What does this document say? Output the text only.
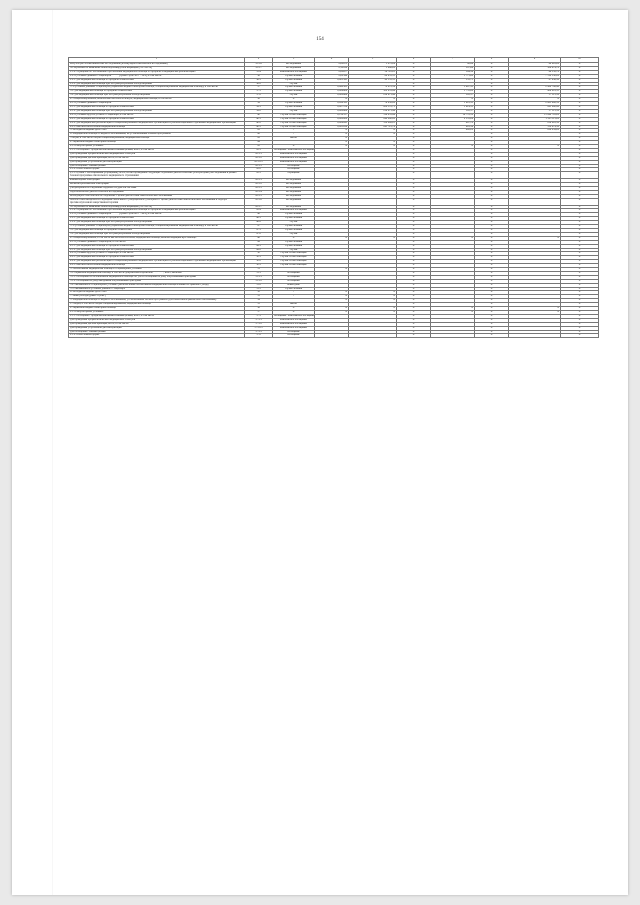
154
1	2	3	4	5	6	7	8	9	10
амбулаторно-поликлинические исследования (молекулярно-генетическое исследование)	35.3.6	исследование	0,02101	5 272,26	X	88,84	X	90 893,00	X
тестирование на выявление новой коронавирусной инфекции (COVID-19)	35.3.7	исследование	0,12836	1 466,00	X	187,64	X	104 474,70	X
2.1.4. обращение по заболеванию при оказании медицинской помощи по профилю «Медицинская реабилитация»	35.4	комплексное посещение	0,00207	56 722,03	X	144,56	X	94 132,70	X
2.2. в условиях дневных стационаров ***** (сумма строк 36.1 + 36.2), в том числе:	36	случай лечения	0,02549	60 955,15	X	1 775,62	X	7 760 330,20	X
2.2.1. для медицинской помощи по профилю «онкология»	36.1	случай лечения	0,001345	92 535,13	X	135,75	X	97 436,50	X
2.2.2. для медицинской помощи при экстракорпоральном оплодотворении	36.2	случай			X		X		X
3. В условиях дневных стационаров (первичная медико-санитарная помощь, специализированная медицинская помощь), в том числе:	37	случай лечения	0,068583	72 872,19	X	5 667,33	X	2 420 786,40	X
3.1. для медицинской помощи по профилю «онкология»	37.1	случай лечения	0,009406	102 631,96	X	1 735,28	X	989 001,35	X
3.2. для медицинской помощи при экстракорпоральном оплодотворении	37.2	случай	0,000466	219 673,46	X	102,37	X	57 115,10	X
4. Специализированная, включая высокотехнологичную, медицинская помощь, в том числе:	38	X	X	X	X	X	X	X	X
4.1. в условиях дневных стационаров	39	случай лечения	0,026541	79 832,82	X	1 991,33	X	2 861 448,10	X
4.1.1. для медицинской помощи по профилю «онкология»	39.1	случай лечения	0,007704	208 578,71	X	1 614,53	X	891 840,90	X
4.1.2. для медицинской помощи при экстракорпоральном оплодотворении	39.2	случай	0,000466	219 673,46	X	102,37	X	57 115,10	X
4.2. в условиях круглосуточного стационара, в том числе:	40	случай госпитализации	0,156337	114 855,94	X	16 776,12	X	11 840 763,00	X
4.2.1. для медицинской помощи по профилю «онкология»	40.1	случай госпитализации	0,008689	240 260,82	X	2 355,06	X	1 325 113,00	X
4.2.2. для медицинской реабилитации в специализированных медицинских организациях и реабилитационных отделениях медицинских организаций	40.2	случай госпитализации	0,004443	138 806,25	X	467,78	X	239 816,30	X
4.2.3. высокотехнологичная медицинская помощь	40.3	случай госпитализации	0,003434	241 725,76	X	641,39	X	158 474,30	X
5. Расходы на ведение дела СМО	41	-	X	X	X	408,22	X	226 859,00	X
6. Медицинская помощь по видам и заболеваниям, не установленным базовой программой	42	-	X	X	X		X		X
- скорая, в том числе скорая специализированная, медицинская помощь	43	вызов	X		X		X		X
2. Первичная медико-санитарная помощь	44		X	X	X		X		X
2.1. в амбулаторных условиях:	45	X	X	X	X	X	X	X	X
2.1.1. посещения с профилактическими и иными целями, всего, в том числе	45.1	посещение / комплексное посещение			X		X		X
для проведения профилактических медицинских осмотров	45.1.1	комплексное посещение			X		X		X
для проведения диспансеризации, всего, в том числе:	45.1.2	комплексное посещение			X		X		X
для проведения углубленной диспансеризации	45.1.2.1	комплексное посещение			X		X		X
для посещений с иными целями	45.1.3	посещение			X		X		X
2.1.2. в неотложной форме	45.2	посещение			X		X		X
2.1.3. в связи с заболеваниями (обращений), всего, из них проведение следующих отдельных диагностических (лабораторных) исследований в рамках базовой программы обязательного медицинского страхования:	45.3	обращение			X		X		X
компьютерная томография	45.3.1	исследование			X		X		X
магнитно-резонансная томография	45.3.2	исследование			X		X		X
ультразвуковое исследование сердечно-сосудистой системы	45.3.3	исследование			X		X		X
эндоскопическое диагностическое исследование	45.3.4	исследование			X		X		X
молекулярно-генетическое исследование с целью диагностики онкологических заболеваний	45.3.5	исследование			X		X		X
патолого-анатомическое исследование биопсийного (операционного) материала с целью диагностики онкологических заболеваний и подбора противоопухолевой лекарственной терапии	45.3.6	исследование			X		X		X
тестирование на выявление новой коронавирусной инфекции (COVID-19)	45.3.7	исследование			X		X		X
2.1.4. обращение по заболеванию при оказании медицинской помощи по профилю «Медицинская реабилитация»	45.4	комплексное посещение			X		X		X
2.2. в условиях дневных стационаров ***** (сумма строк 46.1 + 46.2), в том числе:	46	случай лечения			X		X		X
2.2.1. для медицинской помощи по профилю «онкология»	46.1	случай лечения			X		X		X
2.2.2. для медицинской помощи при экстракорпоральном оплодотворении	46.2	случай			X		X		X
3. В условиях дневных стационаров (первичная медико-санитарная помощь, специализированная медицинская помощь), в том числе:	47	случай лечения			X		X		X
3.1. для медицинской помощи по профилю «онкология»	47.1	случай лечения			X		X		X
3.2. для медицинской помощи при экстракорпоральном оплодотворении	47.2	случай			X		X		X
4. Специализированная, в том числе высокотехнологичная, медицинская помощь, включая медицинскую помощь:	48	X	X	X	X	X	X	X	X
4.1. в условиях дневных стационаров, в том числе:	49	случай лечения			X		X		X
4.1.1. для медицинской помощи по профилю «онкология»	49.1	случай лечения			X		X		X
4.1.2. для медицинской помощи при экстракорпоральном оплодотворении	49.2	случай			X		X		X
4.2. в условиях круглосуточного стационара, в том числе:	50	случай госпитализации			X		X		X
4.2.1. для медицинской помощи по профилю «онкология»	50.1	случай госпитализации			X		X		X
4.2.2. для медицинской реабилитации в специализированных медицинских организациях и реабилитационных отделениях медицинских организаций	50.2	случай госпитализации			X		X		X
4.2.3. высокотехнологичная медицинская помощь	50.3	случай госпитализации			X		X		X
5. Паллиативная медицинская помощь в стационарных условиях ********	51		X		X		X		X
5.1. первичная медицинская помощь, в том числе доврачебная и врачебная ********, всего, включая:	51.1	посещений			X		X		X
5.1.1. посещения по паллиативной медицинской помощи без учета посещений на дому патронажными бригадами	51.1.1	посещений			X		X		X
5.1.2. посещения на дому выездными патронажными бригадами	51.1.2	посещений			X		X		X
5.2. оказываемая в стационарных условиях (включая койки паллиативной медицинской помощи и койки сестринского ухода)	51.2	койко-день			X		X		X
5.3. оказываемая в условиях дневного стационара	51.3	случай лечения			X		X		X
6. Расходы на ведение дела СМО	52	-	X	X	X		X		X
7. Иные расходы (равно строке )	53	-	X	X	X		X		X
3. Медицинская помощь по видам и заболеваниям, установленным базовой программой (дополнительное финансовое обеспечение):	54		X	X	X		X		X
1. Скорая, в том числе скорая специализированная, медицинская помощь	55	вызов			X		X		X
2. Первичная медико-санитарная помощь	56	X	X	X	X	X	X	X	X
2.1. в амбулаторных условиях:	57	X	X	X	X	X	X	X	X
2.1.1. посещения с профилактическими и иными целями, всего, в том числе	57.1	посещение / комплексное посещение			X		X		X
для проведения профилактических медицинских осмотров	57.1.1	комплексное посещение			X		X		X
для проведения диспансеризации, всего, в том числе:	57.1.2	комплексное посещение			X		X		X
для проведения углубленной диспансеризации	57.1.2.1	комплексное посещение			X		X		X
для посещений с иными целями	57.1.3	посещение			X		X		X
2.1.2. в неотложной форме	57.2	посещение			X		X		X
